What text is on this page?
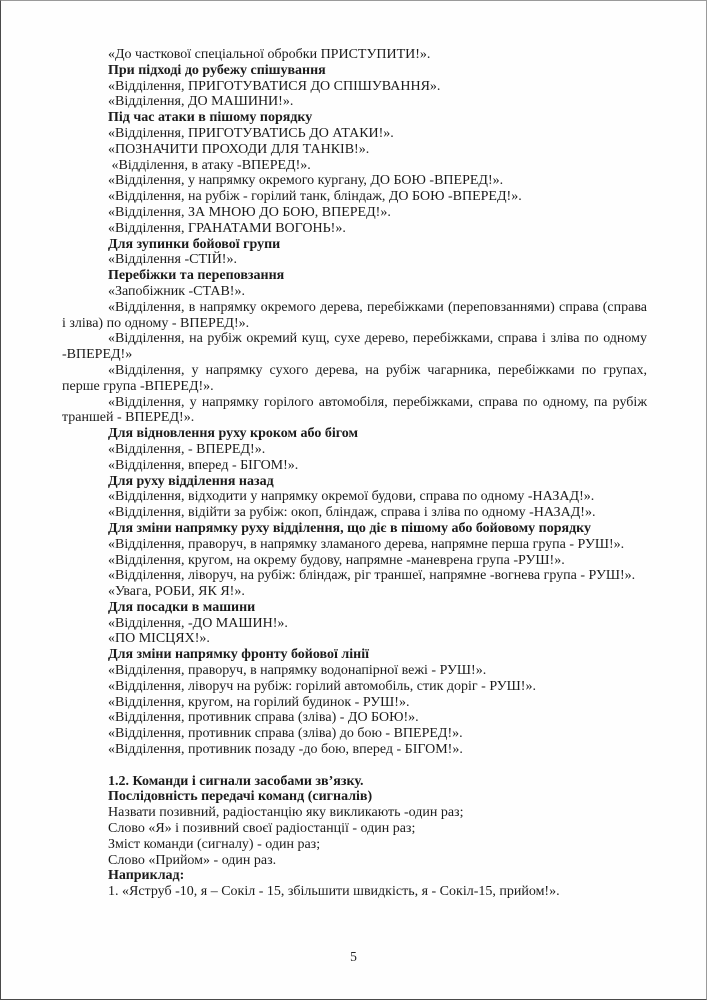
«До часткової спеціальної обробки ПРИСТУПИТИ!».

При підході до рубежу спішування

«Відділення, ПРИГОТУВАТИСЯ ДО СПІШУВАННЯ».

«Відділення, ДО МАШИНИ!».

Під час атаки в пішому порядку

«Відділення, ПРИГОТУВАТИСЬ ДО АТАКИ!».

«ПОЗНАЧИТИ ПРОХОДИ ДЛЯ ТАНКІВ!».

«Відділення, в атаку -ВПЕРЕД!».

«Відділення, у напрямку окремого кургану, ДО БОЮ -ВПЕРЕД!».

«Відділення, на рубіж - горілий танк, бліндаж, ДО БОЮ -ВПЕРЕД!».

«Відділення, ЗА МНОЮ ДО БОЮ, ВПЕРЕД!».

«Відділення, ГРАНАТАМИ ВОГОНЬ!».

Для зупинки бойової групи

«Відділення -СТІЙ!».

Перебіжки та переповзання

«Запобіжник -СТАВ!».

«Відділення, в напрямку окремого дерева, перебіжками (переповзаннями) справа (справа і зліва) по одному - ВПЕРЕД!».

«Відділення, на рубіж окремий кущ, сухе дерево, перебіжками, справа і зліва по одному -ВПЕРЕД!»

«Відділення, у напрямку сухого дерева, на рубіж чагарника, перебіжками по групах, перше група -ВПЕРЕД!».

«Відділення, у напрямку горілого автомобіля, перебіжками, справа по одному, па рубіж траншей - ВПЕРЕД!».

Для відновлення руху кроком або бігом

«Відділення, - ВПЕРЕД!».

«Відділення, вперед - БІГОМ!».

Для руху відділення назад

«Відділення, відходити у напрямку окремої будови, справа по одному -НАЗАД!».

«Відділення, відійти за рубіж: окоп, бліндаж, справа і зліва по одному -НАЗАД!».

Для зміни напрямку руху відділення, що діє в пішому або бойовому порядку

«Відділення, праворуч, в напрямку зламаного дерева, напрямне перша група - РУШ!».

«Відділення, кругом, на окрему будову, напрямне -маневрена група -РУШ!».

«Відділення, ліворуч, на рубіж: бліндаж, ріг траншеї, напрямне -вогнева група - РУШ!».

«Увага, РОБИ, ЯК Я!».

Для посадки в машини

«Відділення, -ДО МАШИН!».

«ПО МІСЦЯХ!».

Для зміни напрямку фронту бойової лінії

«Відділення, праворуч, в напрямку водонапірної вежі - РУШ!».

«Відділення, ліворуч на рубіж: горілий автомобіль, стик доріг - РУШ!».

«Відділення, кругом, на горілий будинок - РУШ!».

«Відділення, противник справа (зліва) - ДО БОЮ!».

«Відділення, противник справа (зліва) до бою - ВПЕРЕД!».

«Відділення, противник позаду -до бою, вперед - БІГОМ!».

1.2. Команди і сигнали засобами зв’язку.

Послідовність передачі команд (сигналів)

Назвати позивний, радіостанцію яку викликають -один раз;

Слово «Я» і позивний своєї радіостанції - один раз;

Зміст команди (сигналу) - один раз;

Слово «Прийом» - один раз.

Наприклад:

1. «Яструб -10, я – Сокіл - 15, збільшити швидкість, я - Сокіл-15, прийом!».

5
